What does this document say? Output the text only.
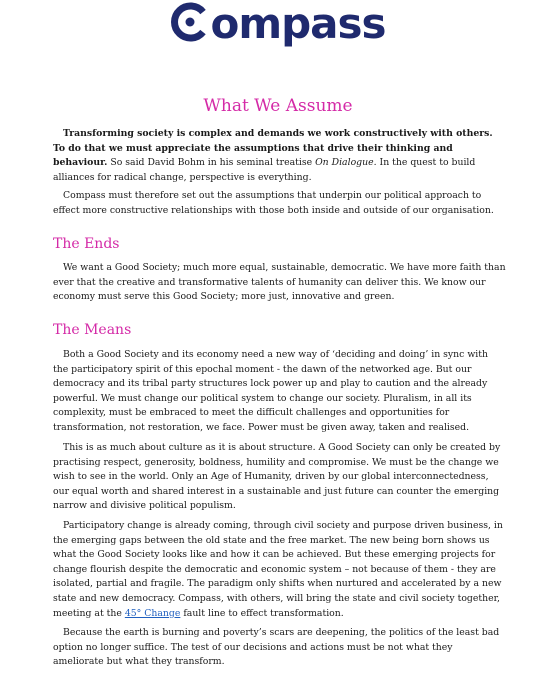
ompass
What We Assume

Transforming society is complex and demands we work constructively with others. To do that we must appreciate the assumptions that drive their thinking and behaviour. So said David Bohm in his seminal treatise On Dialogue. In the quest to build alliances for radical change, perspective is everything.

Compass must therefore set out the assumptions that underpin our political approach to effect more constructive relationships with those both inside and outside of our organisation.

The Ends

We want a Good Society; much more equal, sustainable, democratic. We have more faith than ever that the creative and transformative talents of humanity can deliver this. We know our economy must serve this Good Society; more just, innovative and green.

The Means

Both a Good Society and its economy need a new way of ‘deciding and doing’ in sync with the participatory spirit of this epochal moment - the dawn of the networked age. But our democracy and its tribal party structures lock power up and play to caution and the already powerful. We must change our political system to change our society. Pluralism, in all its complexity, must be embraced to meet the difficult challenges and opportunities for transformation, not restoration, we face. Power must be given away, taken and realised.

This is as much about culture as it is about structure. A Good Society can only be created by practising respect, generosity, boldness, humility and compromise. We must be the change we wish to see in the world. Only an Age of Humanity, driven by our global interconnectedness, our equal worth and shared interest in a sustainable and just future can counter the emerging narrow and divisive political populism.

Participatory change is already coming, through civil society and purpose driven business, in the emerging gaps between the old state and the free market. The new being born shows us what the Good Society looks like and how it can be achieved. But these emerging projects for change flourish despite the democratic and economic system – not because of them - they are isolated, partial and fragile. The paradigm only shifts when nurtured and accelerated by a new state and new democracy. Compass, with others, will bring the state and civil society together, meeting at the 45° Change fault line to effect transformation.

Because the earth is burning and poverty’s scars are deepening, the politics of the least bad option no longer suffice. The test of our decisions and actions must be not what they ameliorate but what they transform.
